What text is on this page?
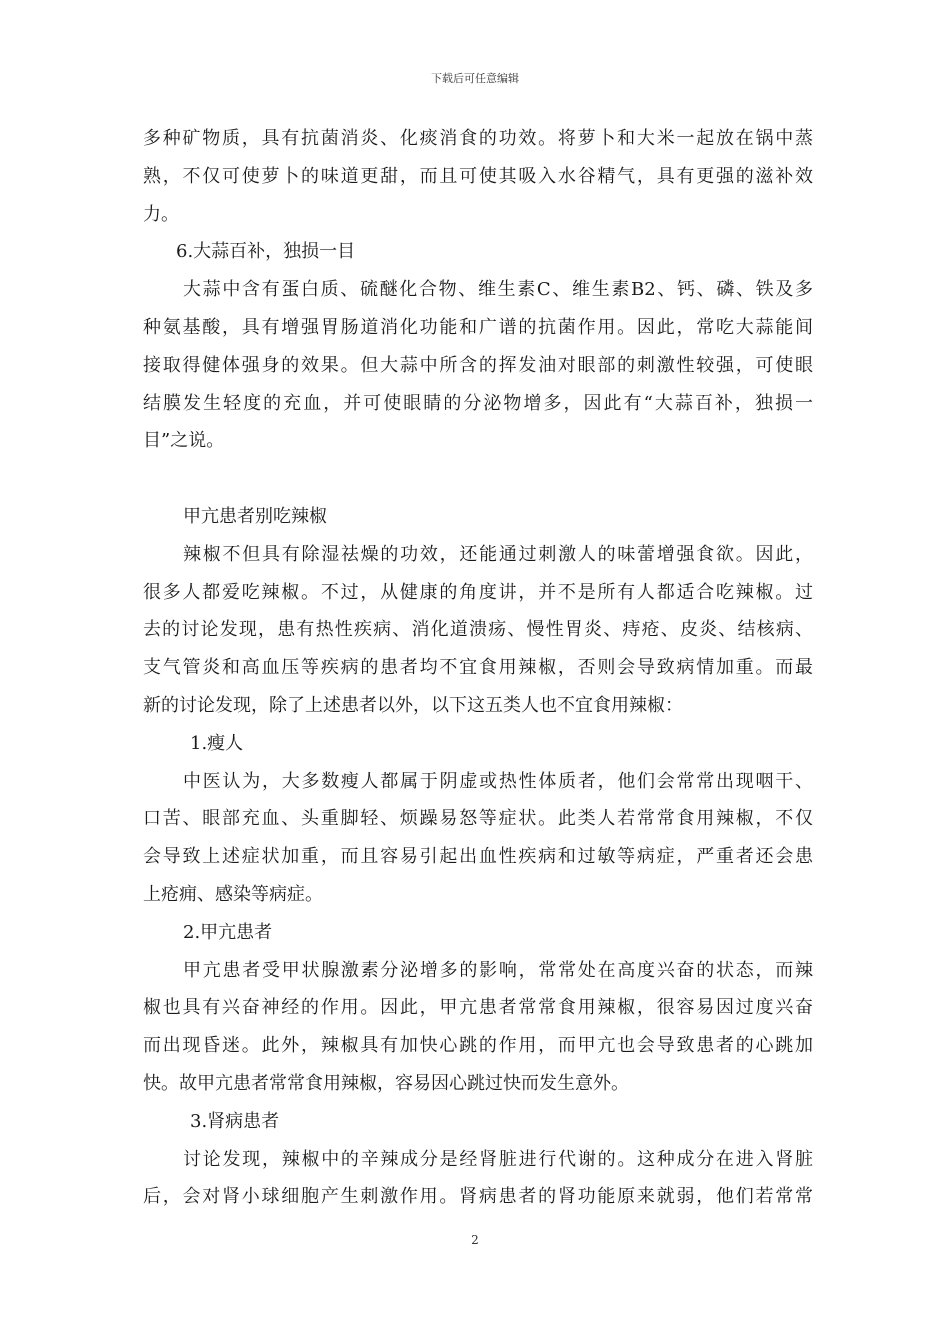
下载后可任意编辑
多种矿物质，具有抗菌消炎、化痰消食的功效。将萝卜和大米一起放在锅中蒸
熟，不仅可使萝卜的味道更甜，而且可使其吸入水谷精气，具有更强的滋补效
力。
6.大蒜百补，独损一目
大蒜中含有蛋白质、硫醚化合物、维生素C、维生素B2、钙、磷、铁及多
种氨基酸，具有增强胃肠道消化功能和广谱的抗菌作用。因此，常吃大蒜能间
接取得健体强身的效果。但大蒜中所含的挥发油对眼部的刺激性较强，可使眼
结膜发生轻度的充血，并可使眼睛的分泌物增多，因此有“大蒜百补，独损一
目”之说。
甲亢患者别吃辣椒
辣椒不但具有除湿祛燥的功效，还能通过刺激人的味蕾增强食欲。因此，
很多人都爱吃辣椒。不过，从健康的角度讲，并不是所有人都适合吃辣椒。过
去的讨论发现，患有热性疾病、消化道溃疡、慢性胃炎、痔疮、皮炎、结核病、
支气管炎和高血压等疾病的患者均不宜食用辣椒，否则会导致病情加重。而最
新的讨论发现，除了上述患者以外，以下这五类人也不宜食用辣椒：
1.瘦人
中医认为，大多数瘦人都属于阴虚或热性体质者，他们会常常出现咽干、
口苦、眼部充血、头重脚轻、烦躁易怒等症状。此类人若常常食用辣椒，不仅
会导致上述症状加重，而且容易引起出血性疾病和过敏等病症，严重者还会患
上疮痈、感染等病症。
2.甲亢患者
甲亢患者受甲状腺激素分泌增多的影响，常常处在高度兴奋的状态，而辣
椒也具有兴奋神经的作用。因此，甲亢患者常常食用辣椒，很容易因过度兴奋
而出现昏迷。此外，辣椒具有加快心跳的作用，而甲亢也会导致患者的心跳加
快。故甲亢患者常常食用辣椒，容易因心跳过快而发生意外。
3.肾病患者
讨论发现，辣椒中的辛辣成分是经肾脏进行代谢的。这种成分在进入肾脏
后，会对肾小球细胞产生刺激作用。肾病患者的肾功能原来就弱，他们若常常
2
